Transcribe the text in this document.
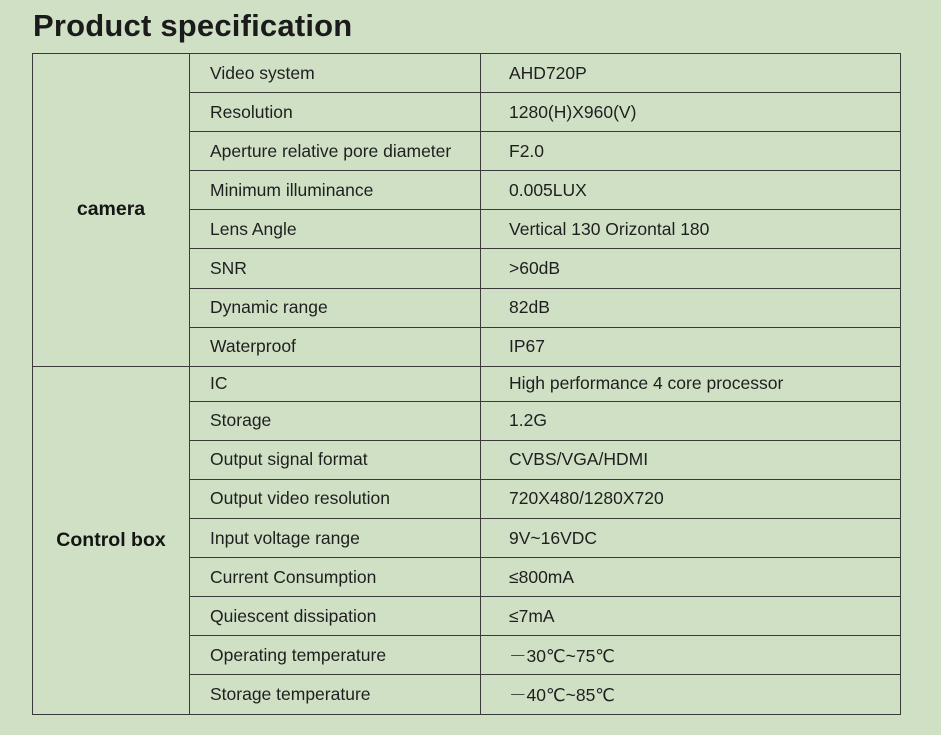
Product specification
camera	Video system	AHD720P
	Resolution	1280(H)X960(V)
	Aperture relative pore diameter	F2.0
	Minimum illuminance	0.005LUX
	Lens Angle	Vertical 130 Orizontal 180
	SNR	>60dB
	Dynamic range	82dB
	Waterproof	IP67
Control box	IC	High performance 4 core processor
	Storage	1.2G
	Output signal format	CVBS/VGA/HDMI
	Output video resolution	720X480/1280X720
	Input voltage range	9V~16VDC
	Current Consumption	≤800mA
	Quiescent dissipation	≤7mA
	Operating temperature	－30℃~75℃
	Storage temperature	－40℃~85℃
